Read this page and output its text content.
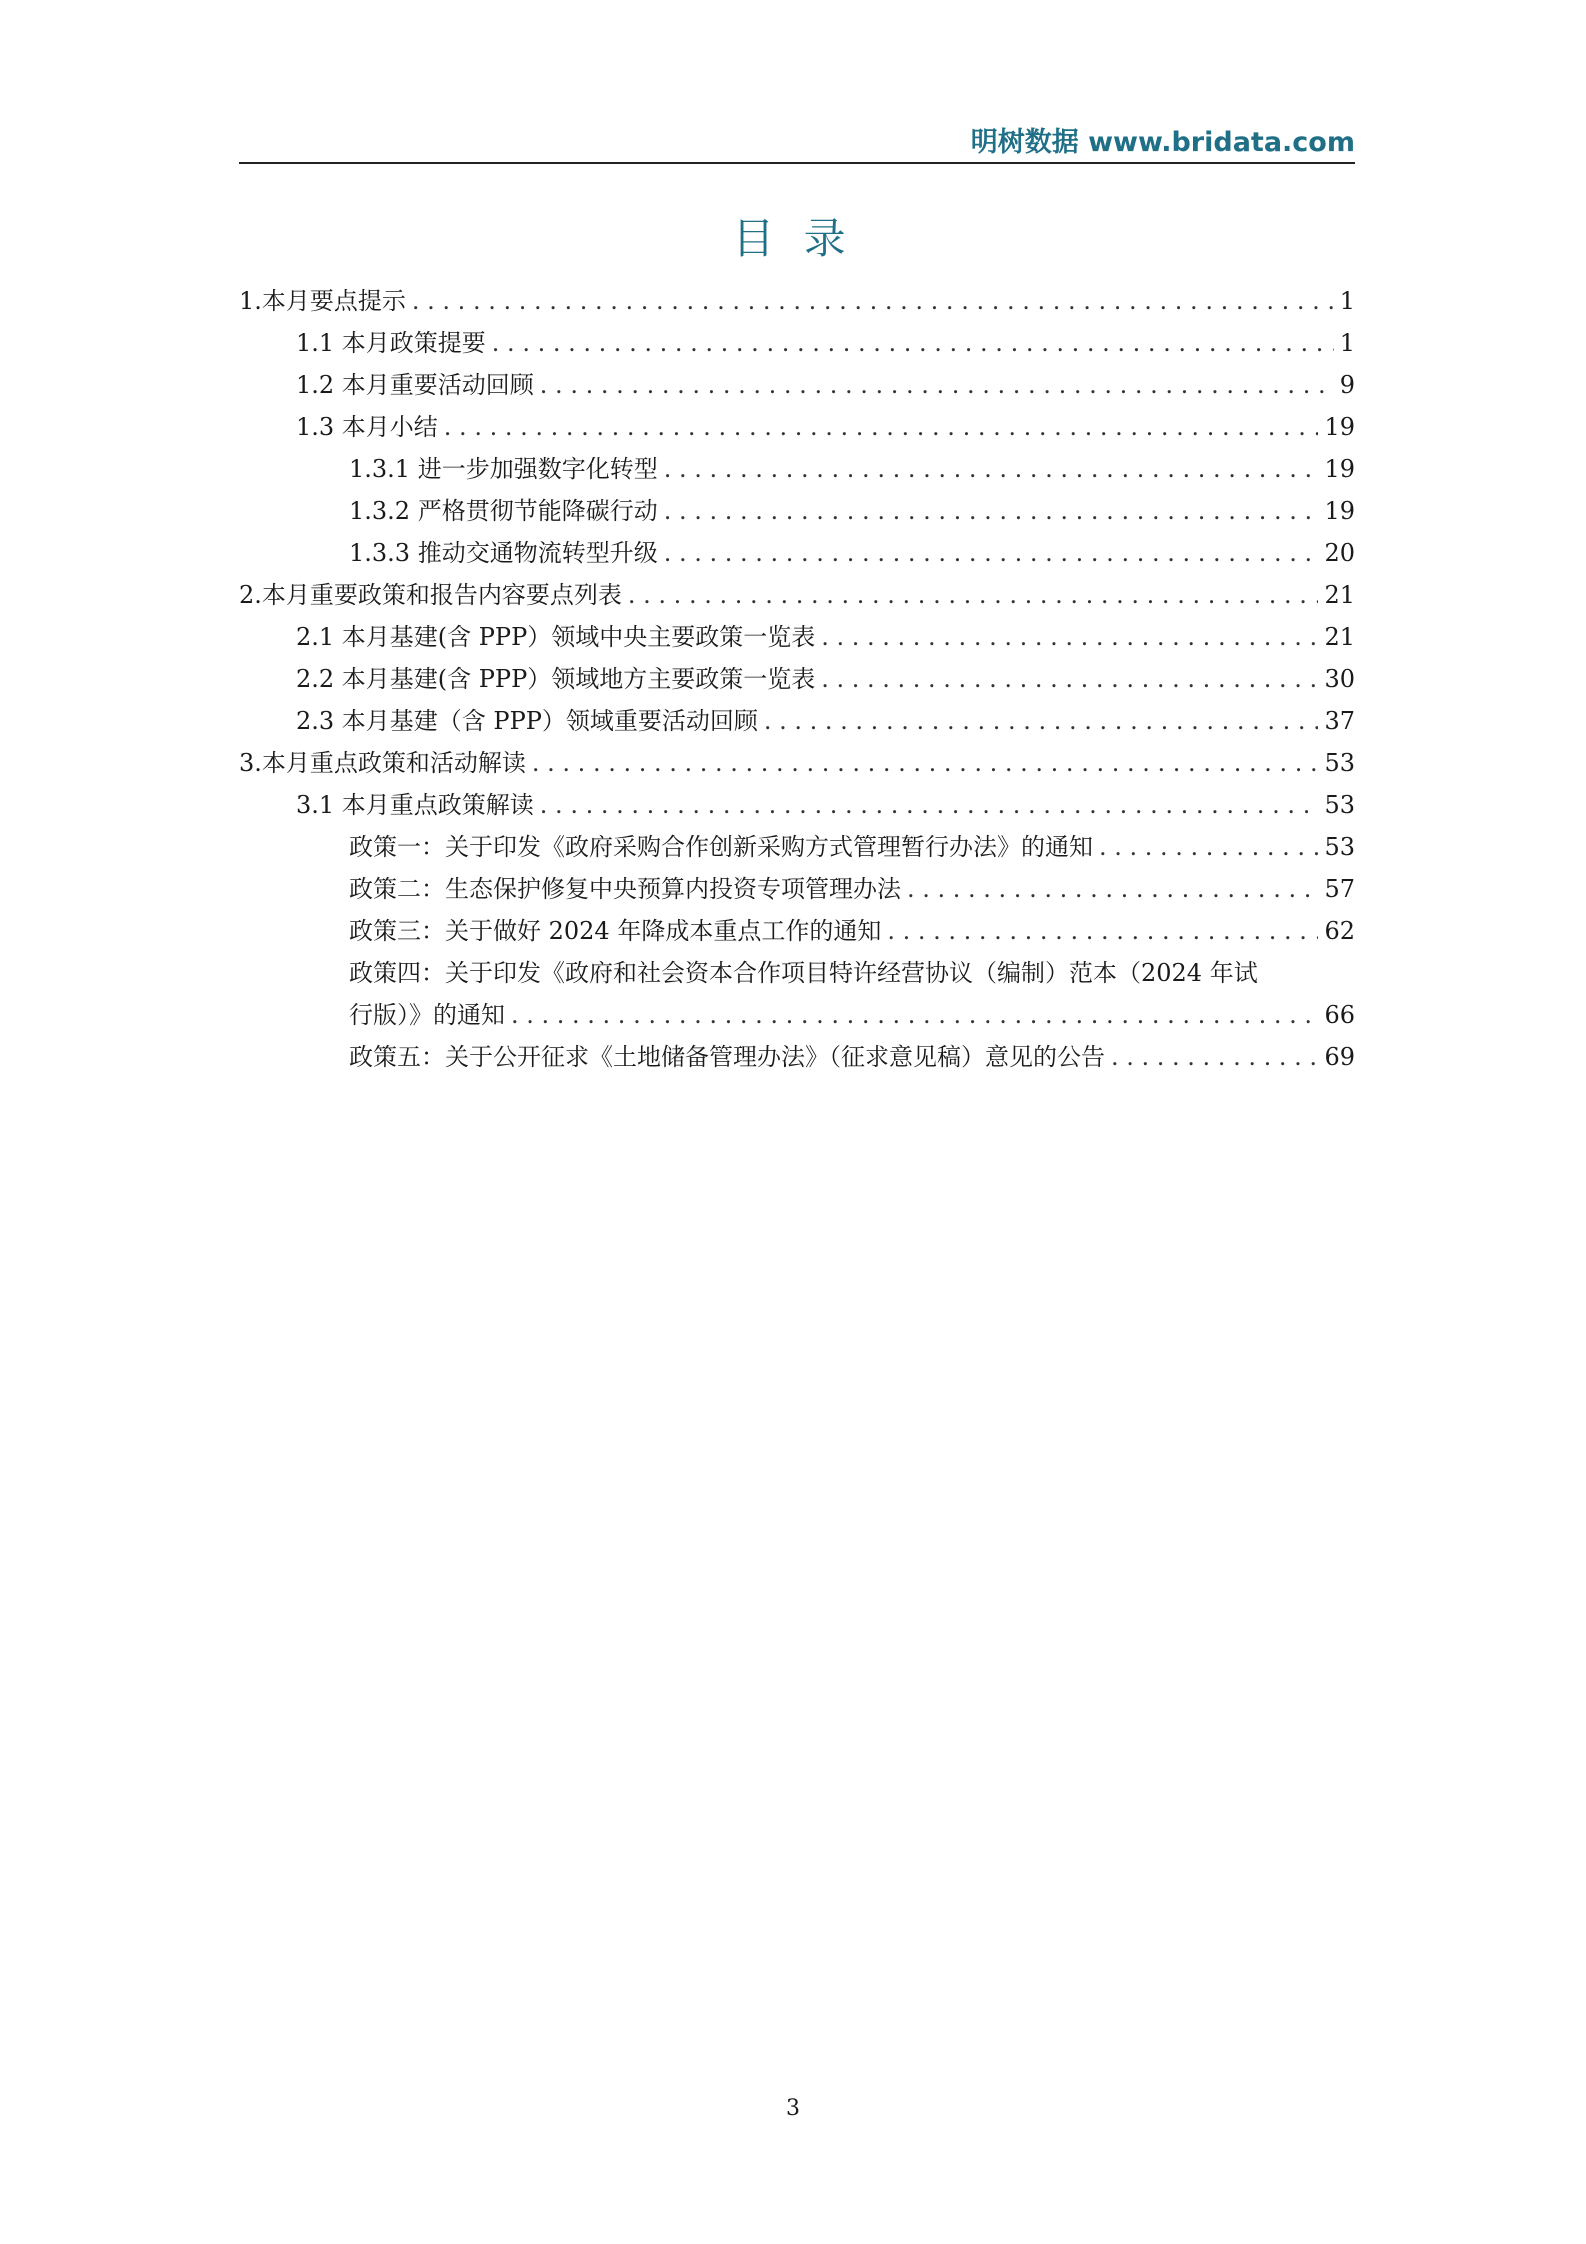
明树数据 www.bridata.com
目 录
1.本月要点提示 . . .	1
1.1 本月政策提要 . . .	1
1.2 本月重要活动回顾 . . .	9
1.3 本月小结 . . .	19
1.3.1 进一步加强数字化转型 . . .	19
1.3.2 严格贯彻节能降碳行动 . . .	19
1.3.3 推动交通物流转型升级 . . .	20
2.本月重要政策和报告内容要点列表 . . .	21
2.1 本月基建(含 PPP）领域中央主要政策一览表 . . .	21
2.2 本月基建(含 PPP）领域地方主要政策一览表 . . .	30
2.3 本月基建（含 PPP）领域重要活动回顾 . . .	37
3.本月重点政策和活动解读 . . .	53
3.1 本月重点政策解读 . . .	53
政策一：关于印发《政府采购合作创新采购方式管理暂行办法》的通知 . . .	53
政策二：生态保护修复中央预算内投资专项管理办法 . . .	57
政策三：关于做好 2024 年降成本重点工作的通知 . . .	62
政策四：关于印发《政府和社会资本合作项目特许经营协议（编制）范本（2024 年试
行版）》的通知 . . .	66
政策五：关于公开征求《土地储备管理办法》（征求意见稿）意见的公告 . . .	69
3
